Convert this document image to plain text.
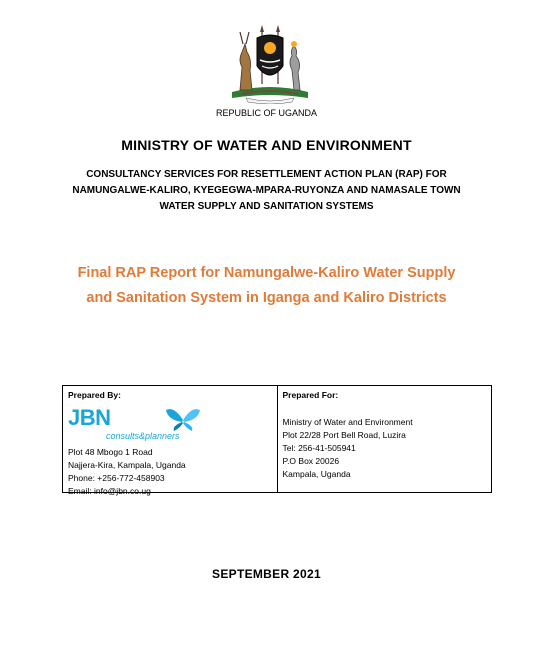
REPUBLIC OF UGANDA
MINISTRY OF WATER AND ENVIRONMENT
CONSULTANCY SERVICES FOR RESETTLEMENT ACTION PLAN (RAP) FOR
NAMUNGALWE-KALIRO, KYEGEGWA-MPARA-RUYONZA AND NAMASALE TOWN
WATER SUPPLY AND SANITATION SYSTEMS
Final RAP Report for Namungalwe-Kaliro Water Supply
and Sanitation System in Iganga and Kaliro Districts
Prepared By:
JBN
consults&planners
Plot 48 Mbogo 1 Road
Najjera-Kira, Kampala, Uganda
Phone: +256-772-458903
Email: info@jbn.co.ug
Prepared For:
Ministry of Water and Environment
Plot 22/28 Port Bell Road, Luzira
Tel: 256-41-505941
P.O Box 20026
Kampala, Uganda
SEPTEMBER 2021
